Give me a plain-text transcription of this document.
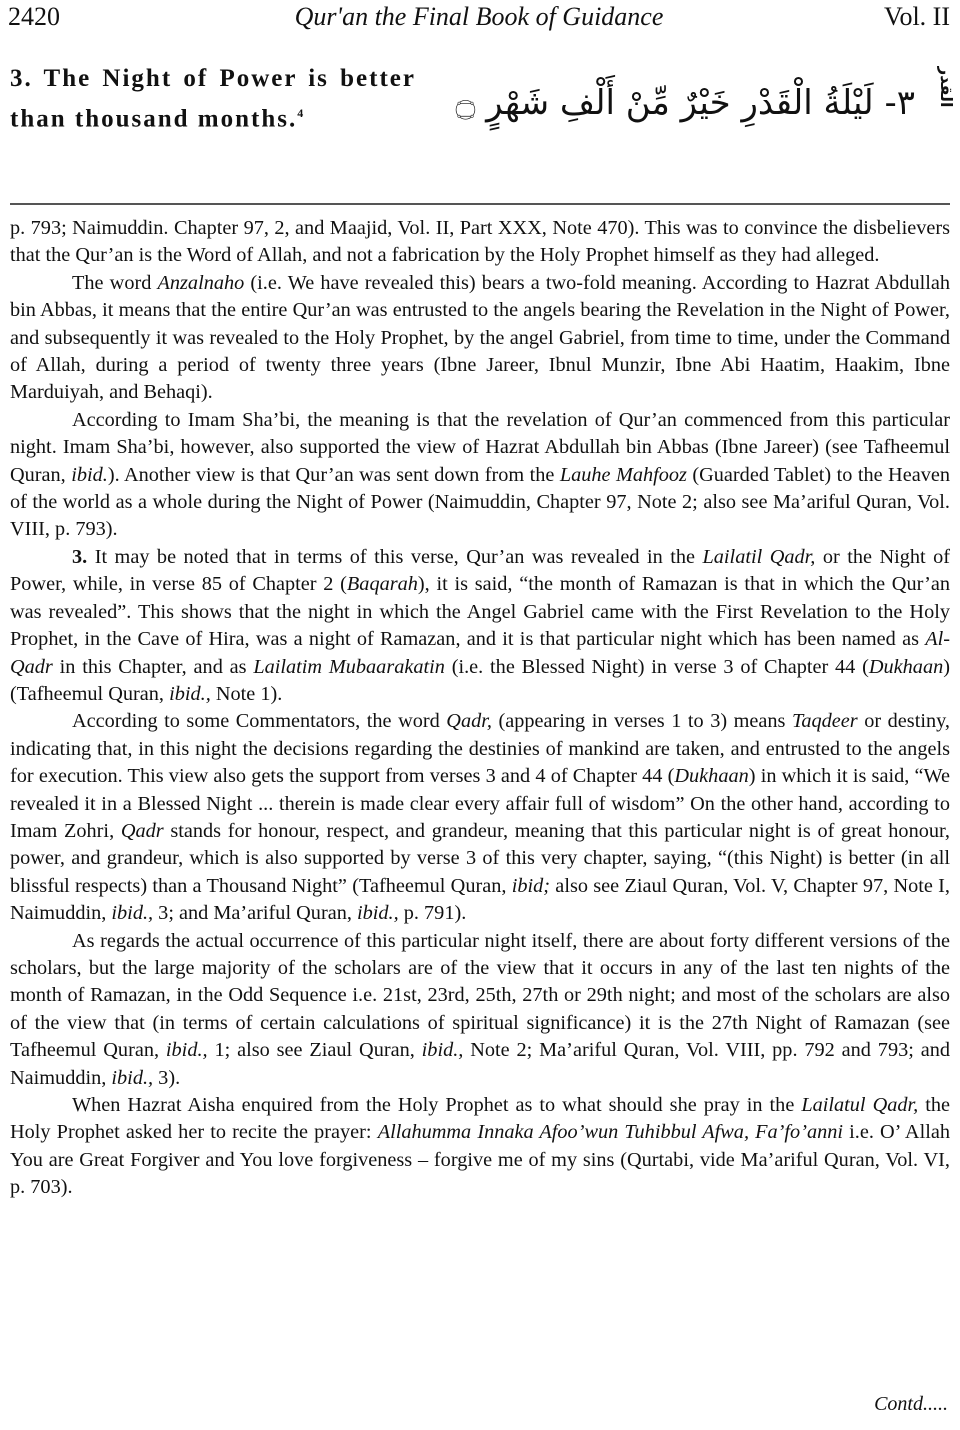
2420	Qur'an the Final Book of Guidance	Vol. II
3. The Night of Power is better than thousand months.$^4$	٣- لَيْلَةُ الْقَدْرِ خَيْرٌ مِّنْ أَلْفِ شَهْرٍ ۝	القدر

p. 793; Naimuddin. Chapter 97, 2, and Maajid, Vol. II, Part XXX, Note 470). This was to convince the disbelievers that the Qur’an is the Word of Allah, and not a fabrication by the Holy Prophet himself as they had alleged.

The word Anzalnaho (i.e. We have revealed this) bears a two-fold meaning. According to Hazrat Abdullah bin Abbas, it means that the entire Qur’an was entrusted to the angels bearing the Revelation in the Night of Power, and subsequently it was revealed to the Holy Prophet, by the angel Gabriel, from time to time, under the Command of Allah, during a period of twenty three years (Ibne Jareer, Ibnul Munzir, Ibne Abi Haatim, Haakim, Ibne Marduiyah, and Behaqi).

According to Imam Sha’bi, the meaning is that the revelation of Qur’an commenced from this particular night. Imam Sha’bi, however, also supported the view of Hazrat Abdullah bin Abbas (Ibne Jareer) (see Tafheemul Quran, ibid.). Another view is that Qur’an was sent down from the Lauhe Mahfooz (Guarded Tablet) to the Heaven of the world as a whole during the Night of Power (Naimuddin, Chapter 97, Note 2; also see Ma’ariful Quran, Vol. VIII, p. 793).

3. It may be noted that in terms of this verse, Qur’an was revealed in the Lailatil Qadr, or the Night of Power, while, in verse 85 of Chapter 2 (Baqarah), it is said, “the month of Ramazan is that in which the Qur’an was revealed”. This shows that the night in which the Angel Gabriel came with the First Revelation to the Holy Prophet, in the Cave of Hira, was a night of Ramazan, and it is that particular night which has been named as Al-Qadr in this Chapter, and as Lailatim Mubaarakatin (i.e. the Blessed Night) in verse 3 of Chapter 44 (Dukhaan) (Tafheemul Quran, ibid., Note 1).

According to some Commentators, the word Qadr, (appearing in verses 1 to 3) means Taqdeer or destiny, indicating that, in this night the decisions regarding the destinies of mankind are taken, and entrusted to the angels for execution. This view also gets the support from verses 3 and 4 of Chapter 44 (Dukhaan) in which it is said, “We revealed it in a Blessed Night ... therein is made clear every affair full of wisdom” On the other hand, according to Imam Zohri, Qadr stands for honour, respect, and grandeur, meaning that this particular night is of great honour, power, and grandeur, which is also supported by verse 3 of this very chapter, saying, “(this Night) is better (in all blissful respects) than a Thousand Night” (Tafheemul Quran, ibid; also see Ziaul Quran, Vol. V, Chapter 97, Note I, Naimuddin, ibid., 3; and Ma’ariful Quran, ibid., p. 791).

As regards the actual occurrence of this particular night itself, there are about forty different versions of the scholars, but the large majority of the scholars are of the view that it occurs in any of the last ten nights of the month of Ramazan, in the Odd Sequence i.e. 21st, 23rd, 25th, 27th or 29th night; and most of the scholars are also of the view that (in terms of certain calculations of spiritual significance) it is the 27th Night of Ramazan (see Tafheemul Quran, ibid., 1; also see Ziaul Quran, ibid., Note 2; Ma’ariful Quran, Vol. VIII, pp. 792 and 793; and Naimuddin, ibid., 3).

When Hazrat Aisha enquired from the Holy Prophet as to what should she pray in the Lailatul Qadr, the Holy Prophet asked her to recite the prayer: Allahumma Innaka Afoo’wun Tuhibbul Afwa, Fa’fo’anni i.e. O’ Allah You are Great Forgiver and You love forgiveness – forgive me of my sins (Qurtabi, vide Ma’ariful Quran, Vol. VI, p. 703).

Contd.....
